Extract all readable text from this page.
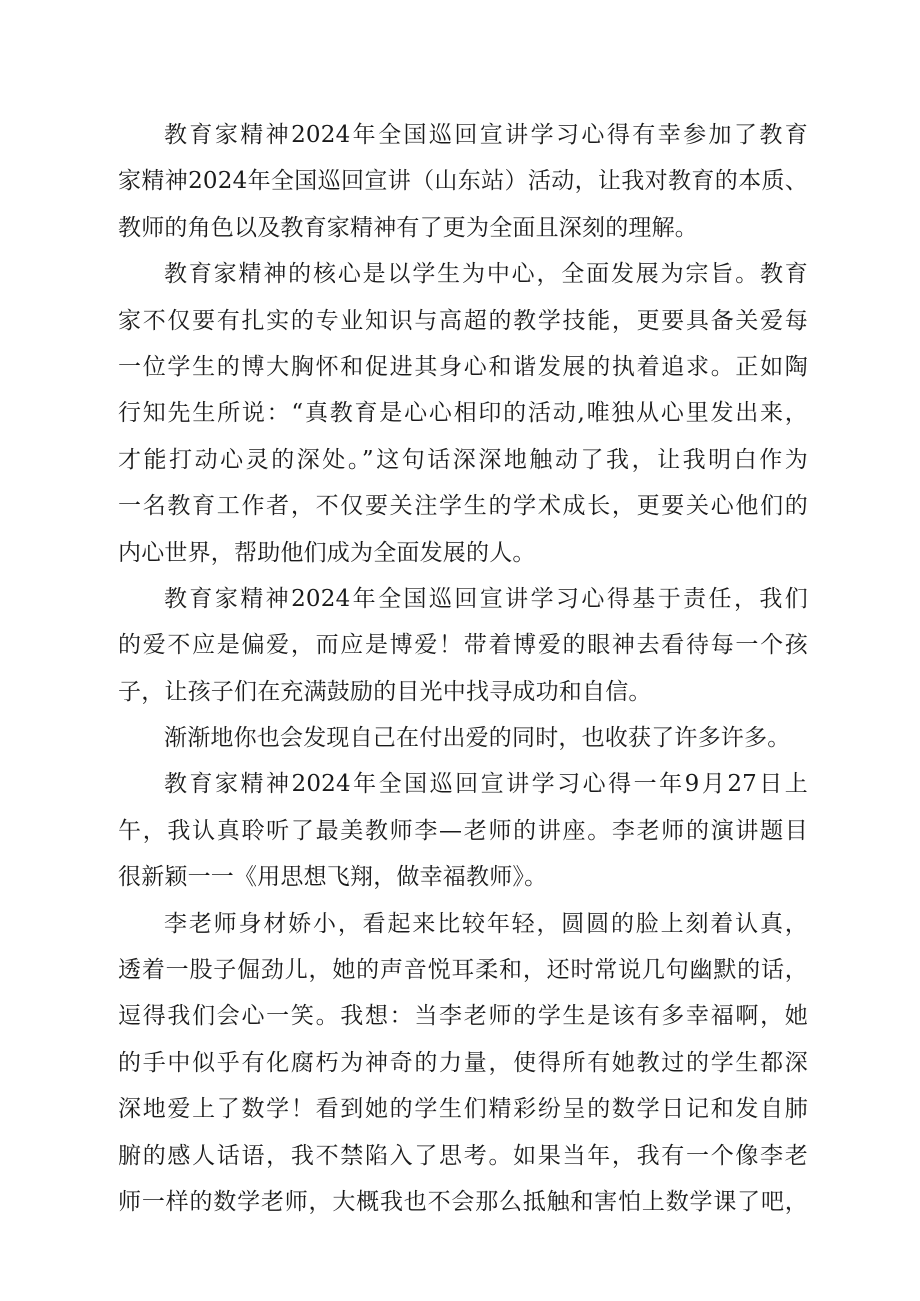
教育家精神2024年全国巡回宣讲学习心得有幸参加了教育
家精神2024年全国巡回宣讲（山东站）活动，让我对教育的本质、
教师的角色以及教育家精神有了更为全面且深刻的理解。
教育家精神的核心是以学生为中心，全面发展为宗旨。教育
家不仅要有扎实的专业知识与高超的教学技能，更要具备关爱每
一位学生的博大胸怀和促进其身心和谐发展的执着追求。正如陶
行知先生所说：“真教育是心心相印的活动,唯独从心里发出来，
才能打动心灵的深处。”这句话深深地触动了我，让我明白作为
一名教育工作者，不仅要关注学生的学术成长，更要关心他们的
内心世界，帮助他们成为全面发展的人。
教育家精神2024年全国巡回宣讲学习心得基于责任，我们
的爱不应是偏爱，而应是博爱！带着博爱的眼神去看待每一个孩
子，让孩子们在充满鼓励的目光中找寻成功和自信。
渐渐地你也会发现自己在付出爱的同时，也收获了许多许多。
教育家精神2024年全国巡回宣讲学习心得一年9月27日上
午，我认真聆听了最美教师李—老师的讲座。李老师的演讲题目
很新颖一一《用思想飞翔，做幸福教师》。
李老师身材娇小，看起来比较年轻，圆圆的脸上刻着认真，
透着一股子倔劲儿，她的声音悦耳柔和，还时常说几句幽默的话，
逗得我们会心一笑。我想：当李老师的学生是该有多幸福啊，她
的手中似乎有化腐朽为神奇的力量，使得所有她教过的学生都深
深地爱上了数学！看到她的学生们精彩纷呈的数学日记和发自肺
腑的感人话语，我不禁陷入了思考。如果当年，我有一个像李老
师一样的数学老师，大概我也不会那么抵触和害怕上数学课了吧，
